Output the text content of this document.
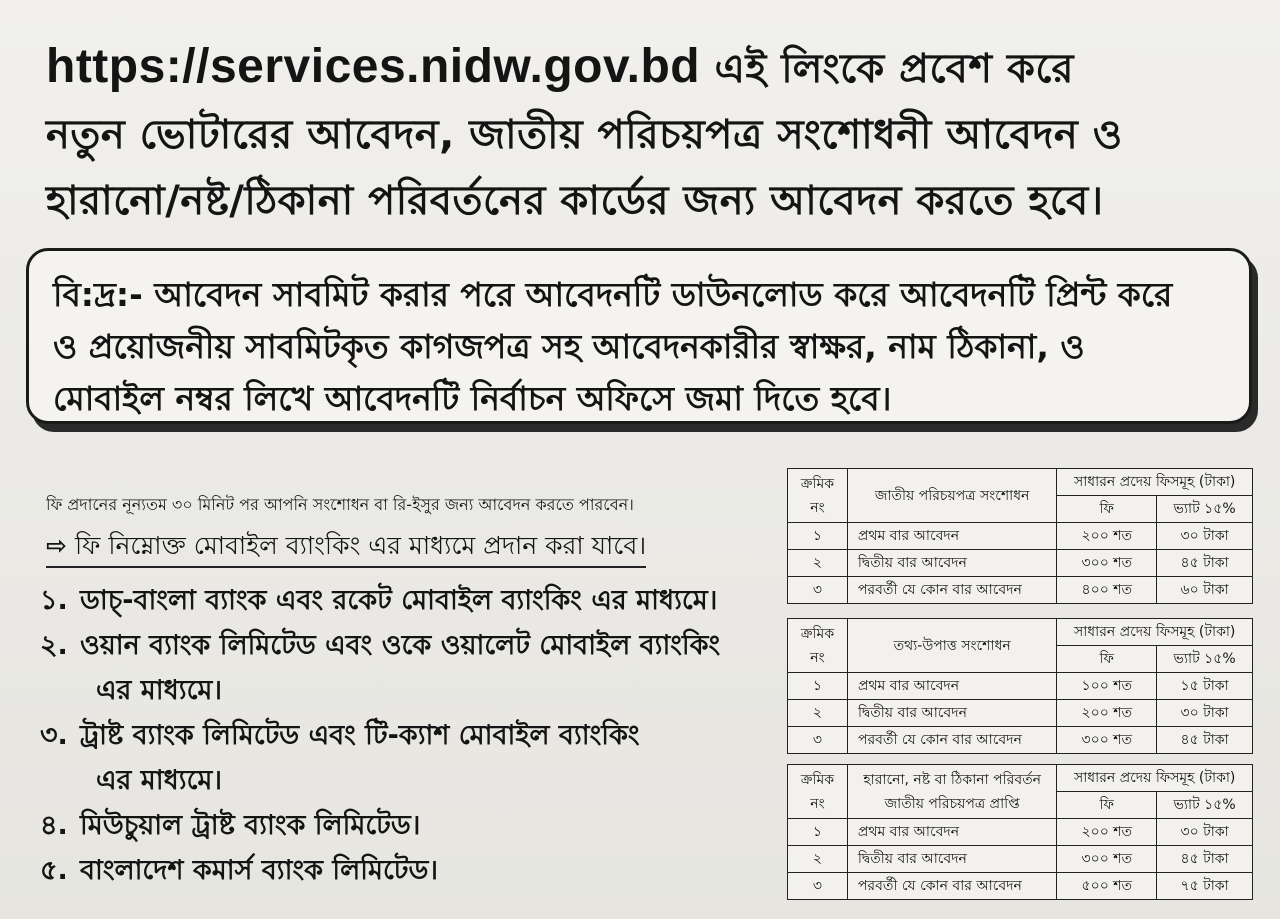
https://services.nidw.gov.bd এই লিংকে প্রবেশ করে
নতুন ভোটারের আবেদন, জাতীয় পরিচয়পত্র সংশোধনী আবেদন ও
হারানো/নষ্ট/ঠিকানা পরিবর্তনের কার্ডের জন্য আবেদন করতে হবে।
বি:দ্র:- আবেদন সাবমিট করার পরে আবেদনটি ডাউনলোড করে আবেদনটি প্রিন্ট করে
ও প্রয়োজনীয় সাবমিটকৃত কাগজপত্র সহ আবেদনকারীর স্বাক্ষর, নাম ঠিকানা, ও
মোবাইল নম্বর লিখে আবেদনটি নির্বাচন অফিসে জমা দিতে হবে।
ফি প্রদানের নূন্যতম ৩০ মিনিট পর আপনি সংশোধন বা রি-ইসুর জন্য আবেদন করতে পারবেন।
⇨ ফি নিম্নোক্ত মোবাইল ব্যাংকিং এর মাধ্যমে প্রদান করা যাবে।
১. ডাচ্-বাংলা ব্যাংক এবং রকেট মোবাইল ব্যাংকিং এর মাধ্যমে।
২. ওয়ান ব্যাংক লিমিটেড এবং ওকে ওয়ালেট মোবাইল ব্যাংকিং
এর মাধ্যমে।
৩. ট্রাষ্ট ব্যাংক লিমিটেড এবং টি-ক্যাশ মোবাইল ব্যাংকিং
এর মাধ্যমে।
৪. মিউচুয়াল ট্রাষ্ট ব্যাংক লিমিটেড।
৫. বাংলাদেশ কমার্স ব্যাংক লিমিটেড।
ক্রমিক নং	জাতীয় পরিচয়পত্র সংশোধন	সাধারন প্রদেয় ফিসমূহ (টাকা)	
		ফি	ভ্যাট ১৫%
১	প্রথম বার আবেদন	২০০ শত	৩০ টাকা
২	দ্বিতীয় বার আবেদন	৩০০ শত	৪৫ টাকা
৩	পরবর্তী যে কোন বার আবেদন	৪০০ শত	৬০ টাকা
ক্রমিক নং	তথ্য-উপাত্ত সংশোধন	সাধারন প্রদেয় ফিসমূহ (টাকা)	
		ফি	ভ্যাট ১৫%
১	প্রথম বার আবেদন	১০০ শত	১৫ টাকা
২	দ্বিতীয় বার আবেদন	২০০ শত	৩০ টাকা
৩	পরবর্তী যে কোন বার আবেদন	৩০০ শত	৪৫ টাকা
ক্রমিক নং	হারানো, নষ্ট বা ঠিকানা পরিবর্তন জাতীয় পরিচয়পত্র প্রাপ্তি	সাধারন প্রদেয় ফিসমূহ (টাকা)	
		ফি	ভ্যাট ১৫%
১	প্রথম বার আবেদন	২০০ শত	৩০ টাকা
২	দ্বিতীয় বার আবেদন	৩০০ শত	৪৫ টাকা
৩	পরবর্তী যে কোন বার আবেদন	৫০০ শত	৭৫ টাকা
